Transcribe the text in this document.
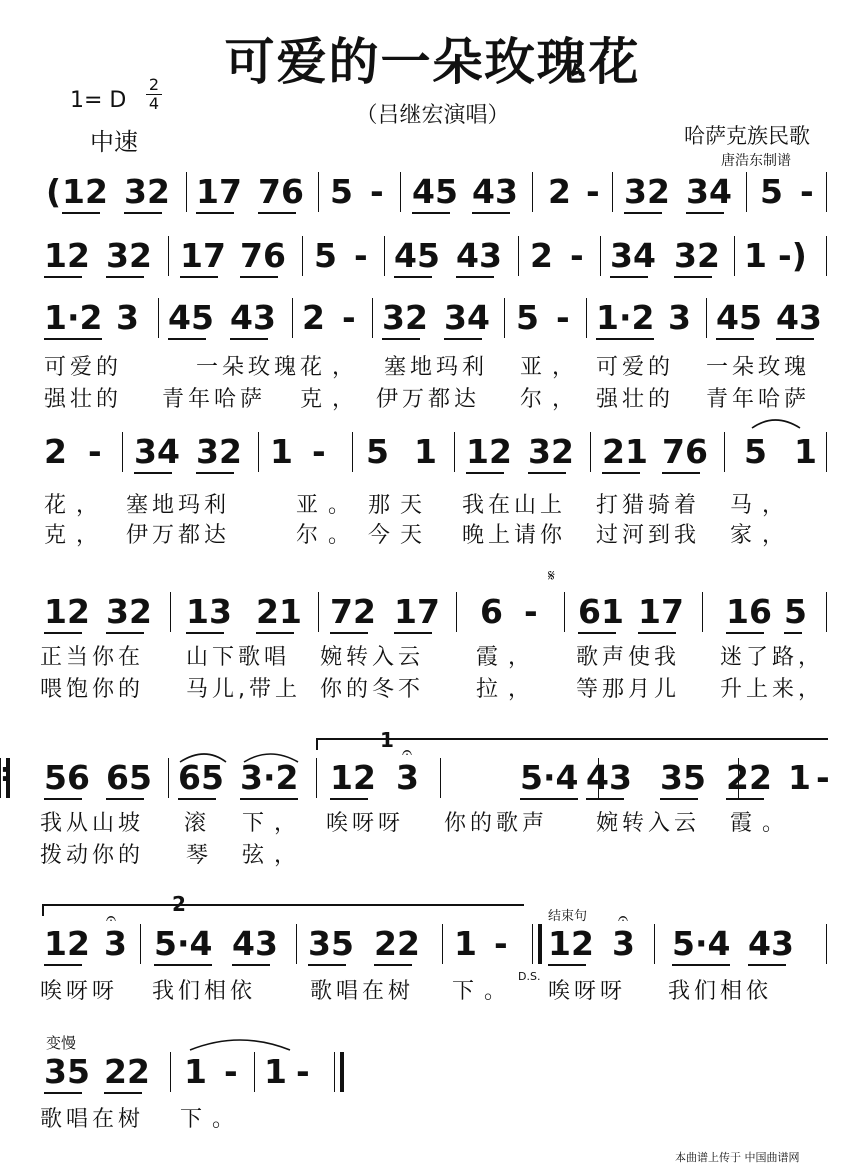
可爱的一朵玫瑰花
1= D
2
4
中速
（吕继宏演唱）
哈萨克族民歌
唐浩东制谱
( 12 32 17 76 5 - 45 43 2 - 32 34 5 -
12 32 17 76 5 - 45 43 2 - 34 32 1 -)
1·2 3 45 43 2 - 32 34 5 - 1·2 3 45 43
2 - 34 32 1 - 5 1 12 32 21 76 5 1
12 32 13 21 72 17 6 - 61 17 16 5
56 65 65 3·2 12 3	5·4 43 35 22 1 -
:
12 3 5·4 43 35 22 1 - 12 3 5·4 43
35 22 1 - 1 -
可爱的	一朵玫瑰 花， 塞地玛利 亚， 可爱的 一朵玫瑰
强壮的 青年哈萨 克， 伊万都达 尔， 强壮的 青年哈萨
花， 塞地玛利	亚。 那天 我在山上 打猎骑着 马，
克， 伊万都达	尔。 今天 晚上请你 过河到我 家，
正当你在 山下歌唱 婉转入云 霞， 歌声使我 迷了路，
喂饱你的 马儿,带上 你的冬不 拉， 等那月儿 升上来，
我从山坡 滚 下， 唉呀呀 你的歌声 婉转入云 霞。
拨动你的 琴 弦，
唉呀呀 我们相依 歌唱在树 下。 唉呀呀 我们相依
歌唱在树 下。
1
2
结束句
𝄋
D.S.
变慢
𝄐
𝄐	𝄐
本曲谱上传于 中国曲谱网
